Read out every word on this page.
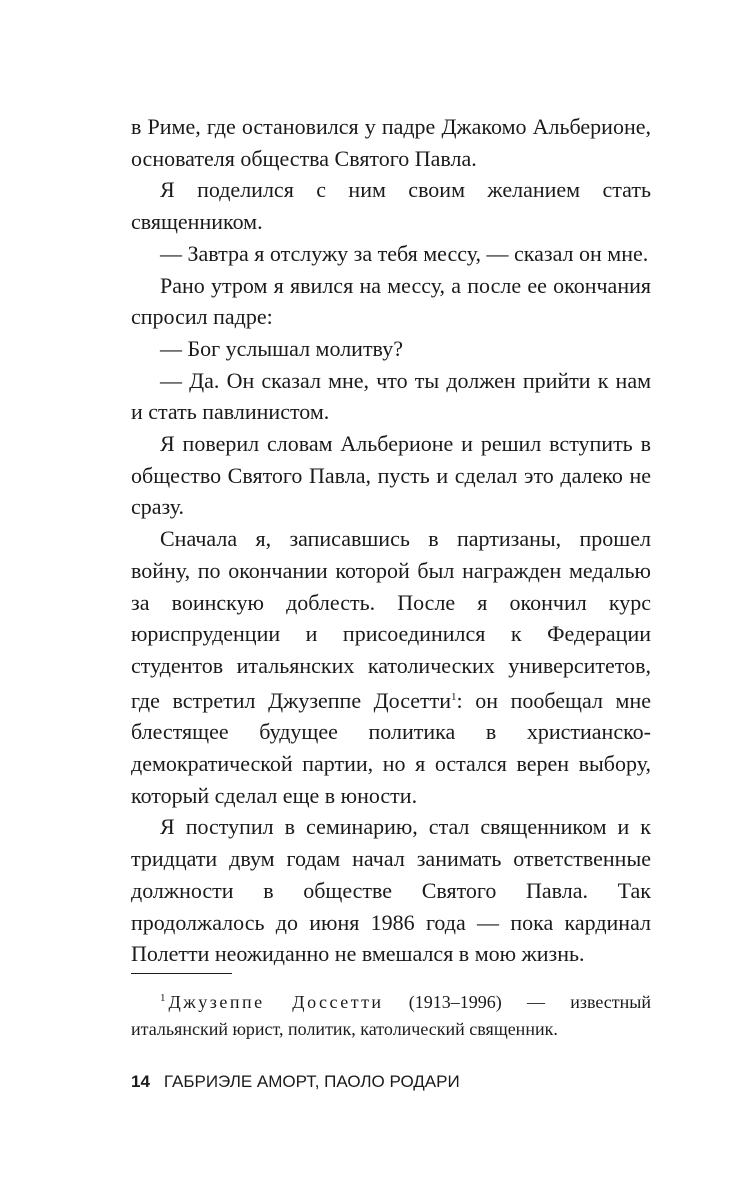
в Риме, где остановился у падре Джакомо Альберионе, основателя общества Святого Павла.

Я поделился с ним своим желанием стать священником.

— Завтра я отслужу за тебя мессу, — сказал он мне.

Рано утром я явился на мессу, а после ее окончания спросил падре:

— Бог услышал молитву?

— Да. Он сказал мне, что ты должен прийти к нам и стать павлинистом.

Я поверил словам Альберионе и решил вступить в общество Святого Павла, пусть и сделал это далеко не сразу.

Сначала я, записавшись в партизаны, прошел войну, по окончании которой был награжден медалью за воинскую доблесть. После я окончил курс юриспруденции и присоединился к Федерации студентов итальянских католических университетов, где встретил Джузеппе Досетти$^1$: он пообещал мне блестящее будущее политика в христианско-демократической партии, но я остался верен выбору, который сделал еще в юности.

Я поступил в семинарию, стал священником и к тридцати двум годам начал занимать ответственные должности в обществе Святого Павла. Так продолжалось до июня 1986 года — пока кардинал Полетти неожиданно не вмешался в мою жизнь.

$^1$ Джузеппе Доссетти (1913–1996) — известный итальянский юрист, политик, католический священник.

14 ГАБРИЭЛЕ АМОРТ, ПАОЛО РОДАРИ
